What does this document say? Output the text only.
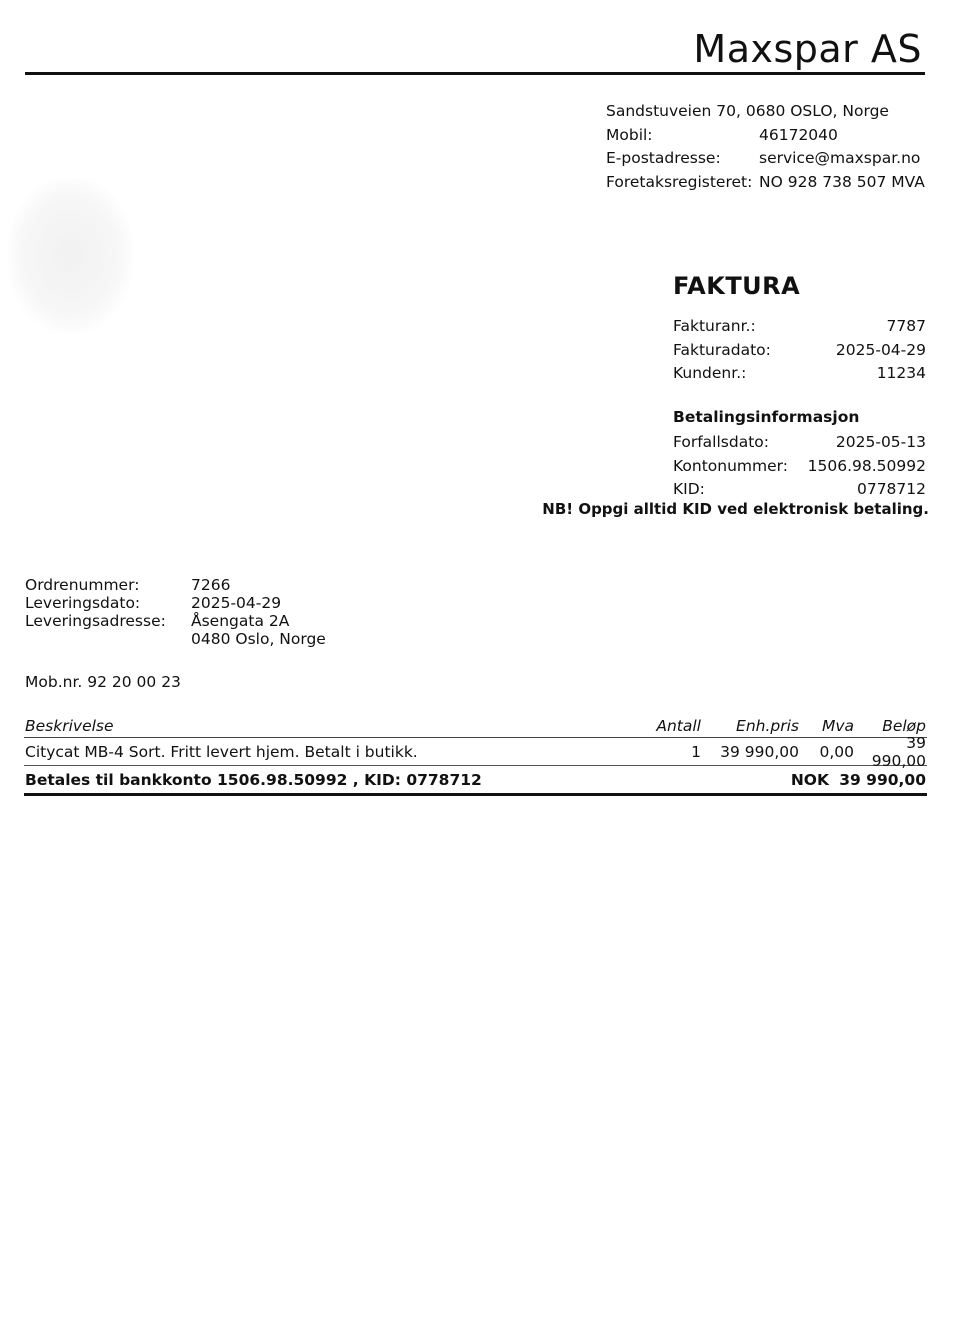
Maxspar AS
Sandstuveien 70, 0680 OSLO, Norge
Mobil:	46172040
E-postadresse:	service@maxspar.no
Foretaksregisteret: NO 928 738 507 MVA
FAKTURA
Fakturanr.:	7787
Fakturadato:	2025-04-29
Kundenr.:	11234
Betalingsinformasjon
Forfallsdato:	2025-05-13
Kontonummer: 1506.98.50992
KID:	0778712
NB! Oppgi alltid KID ved elektronisk betaling.
Ordrenummer:	7266
Leveringsdato:	2025-04-29
Leveringsadresse:	Åsengata 2A
0480 Oslo, Norge
Mob.nr. 92 20 00 23
Beskrivelse	Antall	Enh.pris	Mva	Beløp
Citycat MB-4 Sort. Fritt levert hjem. Betalt i butikk.	1	39 990,00	0,00	39 990,00
Betales til bankkonto 1506.98.50992 , KID: 0778712	NOK 39 990,00
